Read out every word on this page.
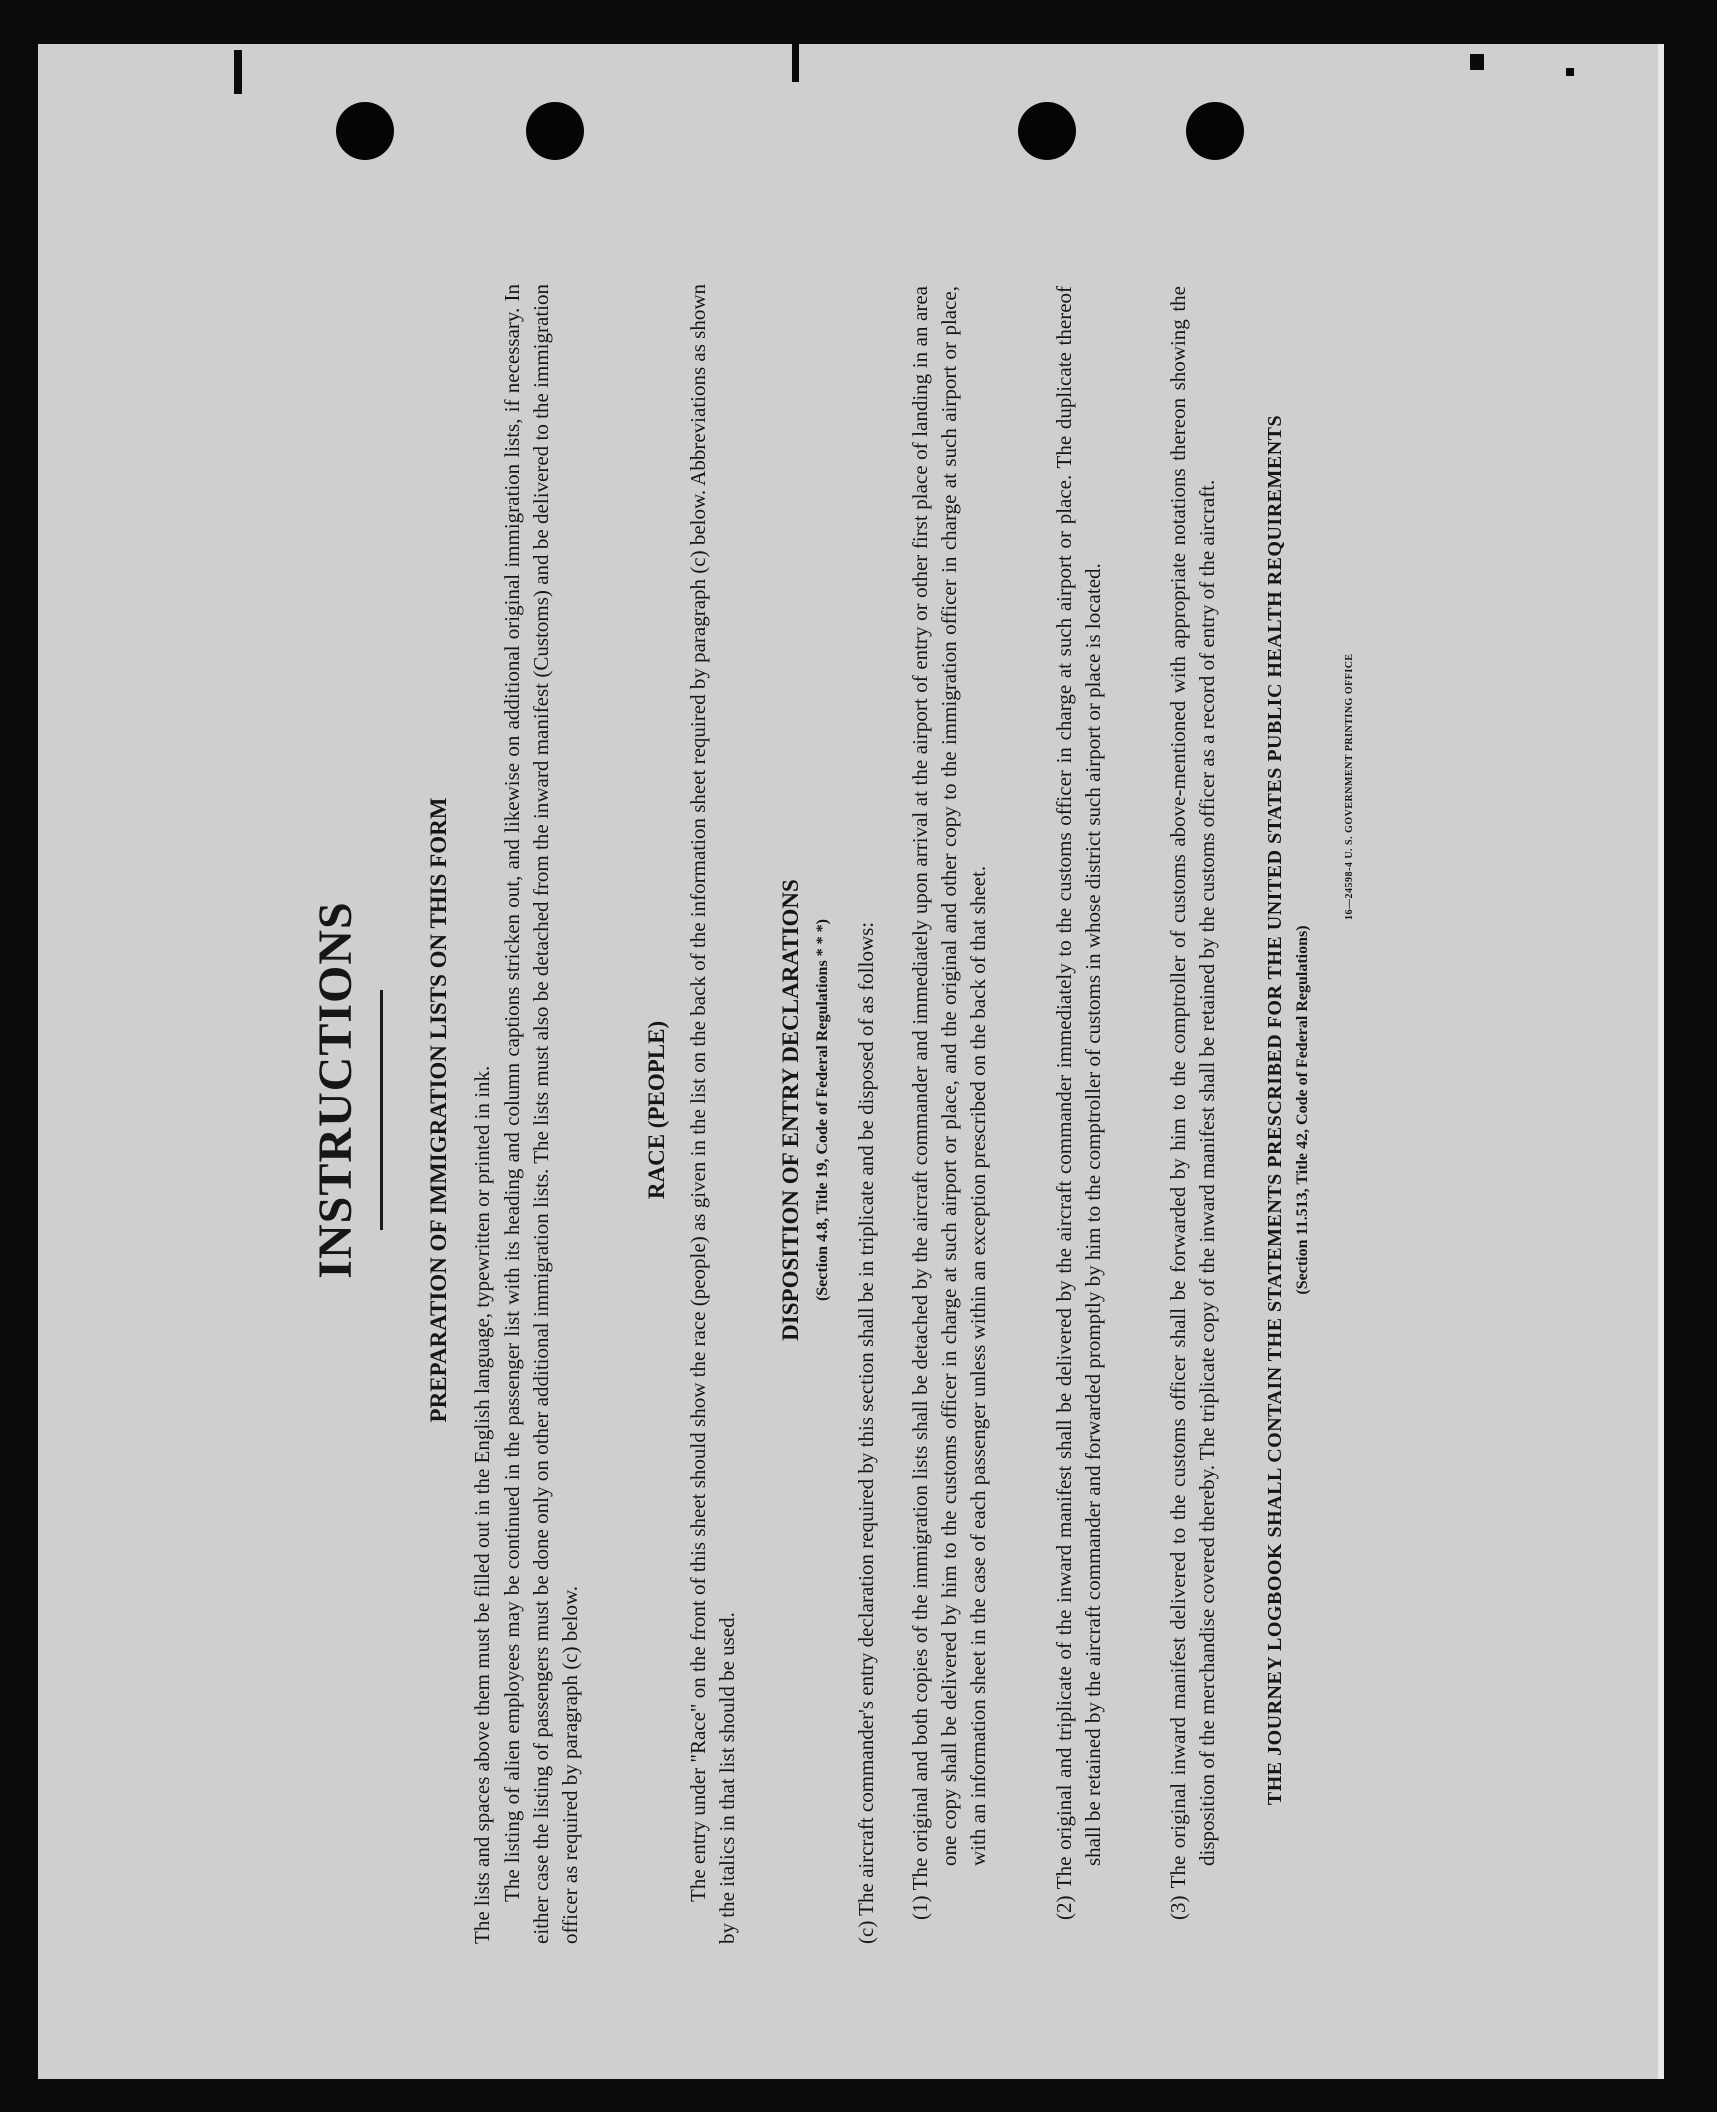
INSTRUCTIONS	PREPARATION OF IMMIGRATION LISTS ON THIS FORM The lists and spaces above them must be filled out in the English language, typewritten or printed in ink. The listing of alien employees may be continued in the passenger list with its heading and column captions stricken out, and likewise on additional original immigration lists, if necessary. In either case the listing of passengers must be done only on other additional immigration lists. The lists must also be detached from the inward manifest (Customs) and be delivered to the immigration officer as required by paragraph (c) below.
RACE (PEOPLE) The entry under "Race" on the front of this sheet should show the race (people) as given in the list on the back of the information sheet required by paragraph (c) below. Abbreviations as shown by the italics in that list should be used.
DISPOSITION OF ENTRY DECLARATIONS (Section 4.8, Title 19, Code of Federal Regulations * * *) (c) The aircraft commander's entry declaration required by this section shall be in triplicate and be disposed of as follows: (1) The original and both copies of the immigration lists shall be detached by the aircraft commander and immediately upon arrival at the airport of entry or other first place of landing in an area one copy shall be delivered by him to the customs officer in charge at such airport or place, and the original and other copy to the immigration officer in charge at such airport or place, with an information sheet in the case of each passenger unless within an exception prescribed on the back of that sheet.
(2) The original and triplicate of the inward manifest shall be delivered by the aircraft commander immediately to the customs officer in charge at such airport or place. The duplicate thereof shall be retained by the aircraft commander and forwarded promptly by him to the comptroller of customs in whose district such airport or place is located.
(3) The original inward manifest delivered to the customs officer shall be forwarded by him to the comptroller of customs above-mentioned with appropriate notations thereon showing the disposition of the merchandise covered thereby. The triplicate copy of the inward manifest shall be retained by the customs officer as a record of entry of the aircraft. THE JOURNEY LOGBOOK SHALL CONTAIN THE STATEMENTS PRESCRIBED FOR THE UNITED STATES PUBLIC HEALTH REQUIREMENTS (Section 11.513, Title 42, Code of Federal Regulations)
16—24598-4 U. S. GOVERNMENT PRINTING OFFICE
